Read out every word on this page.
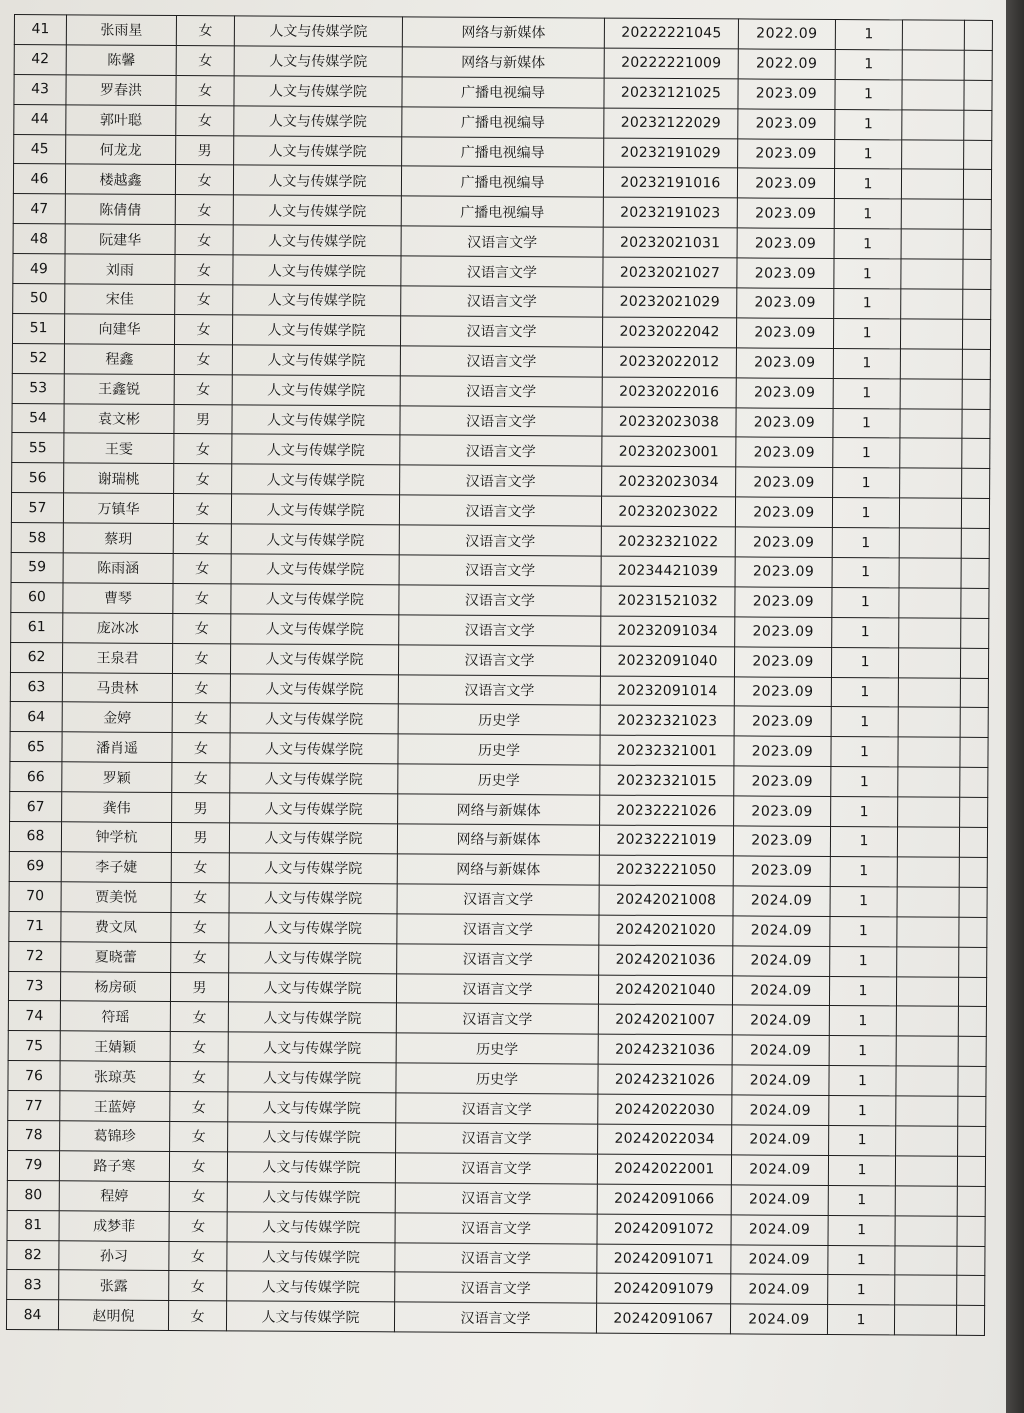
41	张雨星	女	人文与传媒学院	网络与新媒体	20222221045	2022.09	1		
42	陈馨	女	人文与传媒学院	网络与新媒体	20222221009	2022.09	1		
43	罗春洪	女	人文与传媒学院	广播电视编导	20232121025	2023.09	1		
44	郭叶聪	女	人文与传媒学院	广播电视编导	20232122029	2023.09	1		
45	何龙龙	男	人文与传媒学院	广播电视编导	20232191029	2023.09	1		
46	楼越鑫	女	人文与传媒学院	广播电视编导	20232191016	2023.09	1		
47	陈倩倩	女	人文与传媒学院	广播电视编导	20232191023	2023.09	1		
48	阮建华	女	人文与传媒学院	汉语言文学	20232021031	2023.09	1		
49	刘雨	女	人文与传媒学院	汉语言文学	20232021027	2023.09	1		
50	宋佳	女	人文与传媒学院	汉语言文学	20232021029	2023.09	1		
51	向建华	女	人文与传媒学院	汉语言文学	20232022042	2023.09	1		
52	程鑫	女	人文与传媒学院	汉语言文学	20232022012	2023.09	1		
53	王鑫锐	女	人文与传媒学院	汉语言文学	20232022016	2023.09	1		
54	袁文彬	男	人文与传媒学院	汉语言文学	20232023038	2023.09	1		
55	王雯	女	人文与传媒学院	汉语言文学	20232023001	2023.09	1		
56	谢瑞桃	女	人文与传媒学院	汉语言文学	20232023034	2023.09	1		
57	万镇华	女	人文与传媒学院	汉语言文学	20232023022	2023.09	1		
58	蔡玥	女	人文与传媒学院	汉语言文学	20232321022	2023.09	1		
59	陈雨涵	女	人文与传媒学院	汉语言文学	20234421039	2023.09	1		
60	曹琴	女	人文与传媒学院	汉语言文学	20231521032	2023.09	1		
61	庞冰冰	女	人文与传媒学院	汉语言文学	20232091034	2023.09	1		
62	王泉君	女	人文与传媒学院	汉语言文学	20232091040	2023.09	1		
63	马贵林	女	人文与传媒学院	汉语言文学	20232091014	2023.09	1		
64	金婷	女	人文与传媒学院	历史学	20232321023	2023.09	1		
65	潘肖遥	女	人文与传媒学院	历史学	20232321001	2023.09	1		
66	罗颖	女	人文与传媒学院	历史学	20232321015	2023.09	1		
67	龚伟	男	人文与传媒学院	网络与新媒体	20232221026	2023.09	1		
68	钟学杭	男	人文与传媒学院	网络与新媒体	20232221019	2023.09	1		
69	李子婕	女	人文与传媒学院	网络与新媒体	20232221050	2023.09	1		
70	贾美悦	女	人文与传媒学院	汉语言文学	20242021008	2024.09	1		
71	费文凤	女	人文与传媒学院	汉语言文学	20242021020	2024.09	1		
72	夏晓蕾	女	人文与传媒学院	汉语言文学	20242021036	2024.09	1		
73	杨房硕	男	人文与传媒学院	汉语言文学	20242021040	2024.09	1		
74	符瑶	女	人文与传媒学院	汉语言文学	20242021007	2024.09	1		
75	王婧颖	女	人文与传媒学院	历史学	20242321036	2024.09	1		
76	张琼英	女	人文与传媒学院	历史学	20242321026	2024.09	1		
77	王蓝婷	女	人文与传媒学院	汉语言文学	20242022030	2024.09	1		
78	葛锦珍	女	人文与传媒学院	汉语言文学	20242022034	2024.09	1		
79	路子寒	女	人文与传媒学院	汉语言文学	20242022001	2024.09	1		
80	程婷	女	人文与传媒学院	汉语言文学	20242091066	2024.09	1		
81	成梦菲	女	人文与传媒学院	汉语言文学	20242091072	2024.09	1		
82	孙习	女	人文与传媒学院	汉语言文学	20242091071	2024.09	1		
83	张露	女	人文与传媒学院	汉语言文学	20242091079	2024.09	1		
84	赵明倪	女	人文与传媒学院	汉语言文学	20242091067	2024.09	1		
